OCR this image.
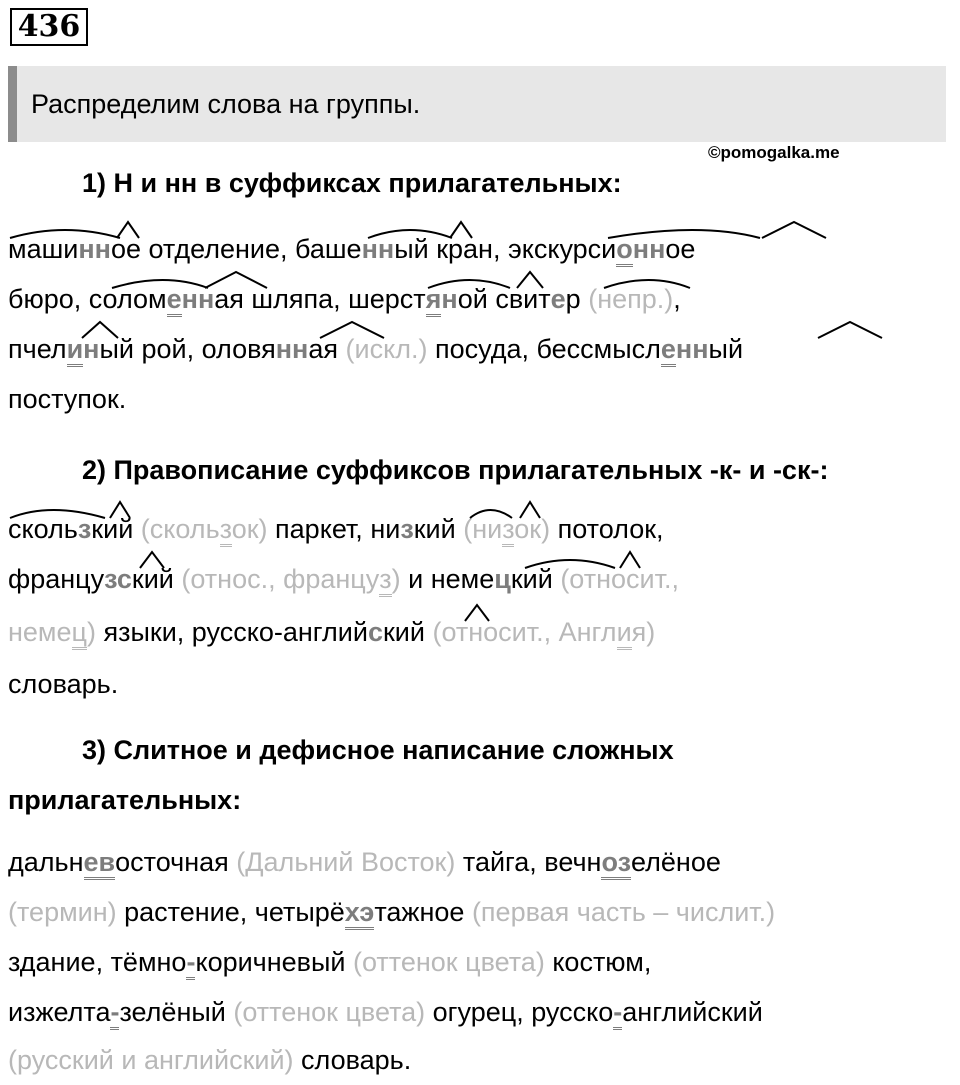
436
Распределим слова на группы.
©pomogalka.me
1) Н и нн в суффиксах прилагательных:
машинное отделение, башенный кран, экскурсионное
бюро, соломенная шляпа, шерстяной свитер (непр.),
пчелиный рой, оловянная (искл.) посуда, бессмысленный
поступок.
2) Правописание суффиксов прилагательных -к- и -ск-:
скользкий (скользок) паркет, низкий (низок) потолок,
французский (относ., француз) и немецкий (относит.,
немец) языки, русско-английский (относит., Англия)
словарь.
3) Слитное и дефисное написание сложных
прилагательных:
дальневосточная (Дальний Восток) тайга, вечнозелёное
(термин) растение, четырёхэтажное (первая часть – числит.)
здание, тёмно-коричневый (оттенок цвета) костюм,
изжелта-зелёный (оттенок цвета) огурец, русско-английский
(русский и английский) словарь.
